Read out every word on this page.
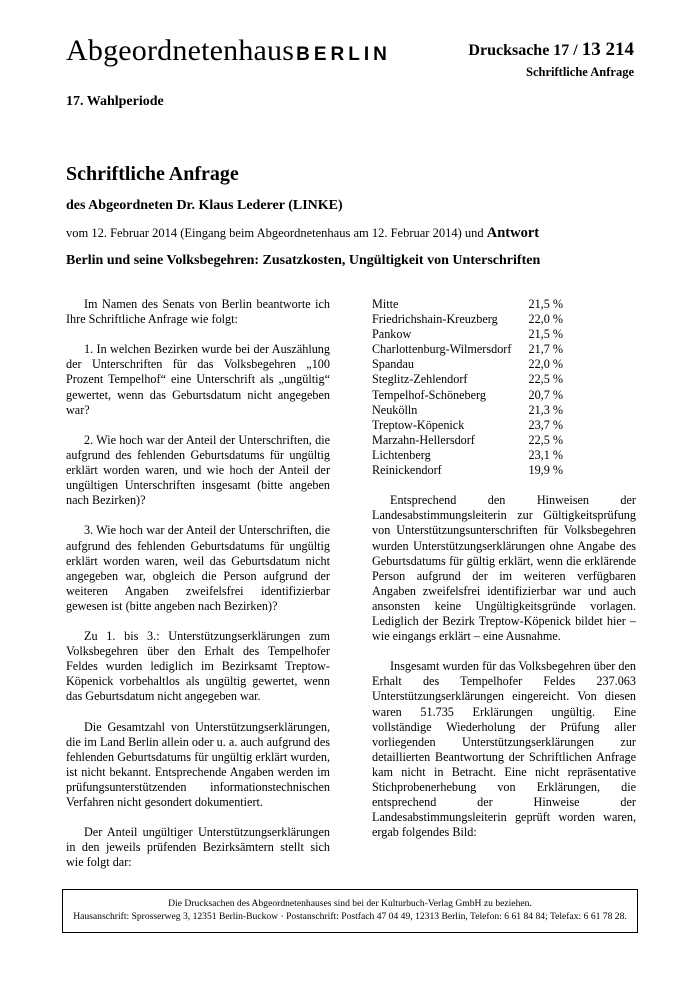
Abgeordnetenhaus BERLIN	Drucksache 17 / 13 214
Schriftliche Anfrage
17. Wahlperiode
Schriftliche Anfrage
des Abgeordneten Dr. Klaus Lederer (LINKE)
vom 12. Februar 2014 (Eingang beim Abgeordnetenhaus am 12. Februar 2014) und Antwort
Berlin und seine Volksbegehren: Zusatzkosten, Ungültigkeit von Unterschriften

Im Namen des Senats von Berlin beantworte ich Ihre Schriftliche Anfrage wie folgt:

1. In welchen Bezirken wurde bei der Auszählung der Unterschriften für das Volksbegehren „100 Prozent Tempelhof“ eine Unterschrift als „ungültig“ gewertet, wenn das Geburtsdatum nicht angegeben war?

2. Wie hoch war der Anteil der Unterschriften, die aufgrund des fehlenden Geburtsdatums für ungültig erklärt worden waren, und wie hoch der Anteil der ungültigen Unterschriften insgesamt (bitte angeben nach Bezirken)?

3. Wie hoch war der Anteil der Unterschriften, die aufgrund des fehlenden Geburtsdatums für ungültig erklärt worden waren, weil das Geburtsdatum nicht angegeben war, obgleich die Person aufgrund der weiteren Angaben zweifelsfrei identifizierbar gewesen ist (bitte angeben nach Bezirken)?

Zu 1. bis 3.: Unterstützungserklärungen zum Volksbegehren über den Erhalt des Tempelhofer Feldes wurden lediglich im Bezirksamt Treptow-Köpenick vorbehaltlos als ungültig gewertet, wenn das Geburtsdatum nicht angegeben war.

Die Gesamtzahl von Unterstützungserklärungen, die im Land Berlin allein oder u. a. auch aufgrund des fehlenden Geburtsdatums für ungültig erklärt wurden, ist nicht bekannt. Entsprechende Angaben werden im prüfungsunterstützenden informationstechnischen Verfahren nicht gesondert dokumentiert.

Der Anteil ungültiger Unterstützungserklärungen in den jeweils prüfenden Bezirksämtern stellt sich wie folgt dar:

Mitte	21,5 %
Friedrichshain-Kreuzberg	22,0 %
Pankow	21,5 %
Charlottenburg-Wilmersdorf	21,7 %
Spandau	22,0 %
Steglitz-Zehlendorf	22,5 %
Tempelhof-Schöneberg	20,7 %
Neukölln	21,3 %
Treptow-Köpenick	23,7 %
Marzahn-Hellersdorf	22,5 %
Lichtenberg	23,1 %
Reinickendorf	19,9 %

Entsprechend den Hinweisen der Landesabstimmungsleiterin zur Gültigkeitsprüfung von Unterstützungsunterschriften für Volksbegehren wurden Unterstützungserklärungen ohne Angabe des Geburtsdatums für gültig erklärt, wenn die erklärende Person aufgrund der im weiteren verfügbaren Angaben zweifelsfrei identifizierbar war und auch ansonsten keine Ungültigkeitsgründe vorlagen. Lediglich der Bezirk Treptow-Köpenick bildet hier – wie eingangs erklärt – eine Ausnahme.

Insgesamt wurden für das Volksbegehren über den Erhalt des Tempelhofer Feldes 237.063 Unterstützungserklärungen eingereicht. Von diesen waren 51.735 Erklärungen ungültig. Eine vollständige Wiederholung der Prüfung aller vorliegenden Unterstützungserklärungen zur detaillierten Beantwortung der Schriftlichen Anfrage kam nicht in Betracht. Eine nicht repräsentative Stichprobenerhebung von Erklärungen, die entsprechend der Hinweise der Landesabstimmungsleiterin geprüft worden waren, ergab folgendes Bild:

Die Drucksachen des Abgeordnetenhauses sind bei der Kulturbuch-Verlag GmbH zu beziehen.
Hausanschrift: Sprosserweg 3, 12351 Berlin-Buckow · Postanschrift: Postfach 47 04 49, 12313 Berlin, Telefon: 6 61 84 84; Telefax: 6 61 78 28.
